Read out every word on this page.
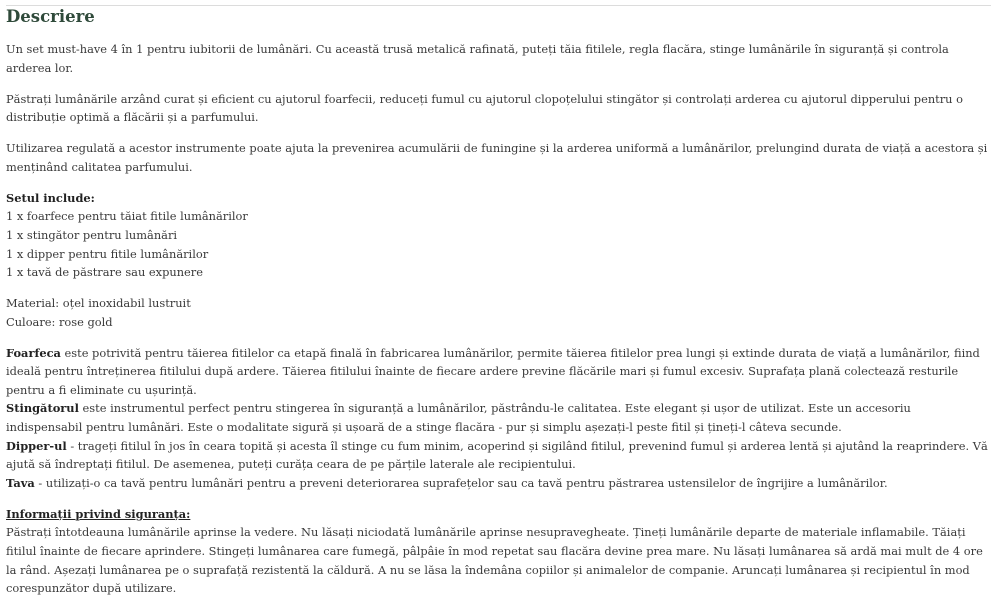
Descriere

Un set must-have 4 în 1 pentru iubitorii de lumânări. Cu această trusă metalică rafinată, puteți tăia fitilele, regla flacăra, stinge lumânările în siguranță și controla arderea lor.

Păstrați lumânările arzând curat și eficient cu ajutorul foarfecii, reduceți fumul cu ajutorul clopoțelului stingător și controlați arderea cu ajutorul dipperului pentru o distribuție optimă a flăcării și a parfumului.

Utilizarea regulată a acestor instrumente poate ajuta la prevenirea acumulării de funingine și la arderea uniformă a lumânărilor, prelungind durata de viață a acestora și menținând calitatea parfumului.

Setul include:
1 x foarfece pentru tăiat fitile lumânărilor
1 x stingător pentru lumânări
1 x dipper pentru fitile lumânărilor
1 x tavă de păstrare sau expunere

Material: oțel inoxidabil lustruit
Culoare: rose gold

Foarfeca este potrivită pentru tăierea fitilelor ca etapă finală în fabricarea lumânărilor, permite tăierea fitilelor prea lungi și extinde durata de viață a lumânărilor, fiind ideală pentru întreținerea fitilului după ardere. Tăierea fitilului înainte de fiecare ardere previne flăcările mari și fumul excesiv. Suprafața plană colectează resturile pentru a fi eliminate cu ușurință.
Stingătorul este instrumentul perfect pentru stingerea în siguranță a lumânărilor, păstrându-le calitatea. Este elegant și ușor de utilizat. Este un accesoriu indispensabil pentru lumânări. Este o modalitate sigură și ușoară de a stinge flacăra - pur și simplu așezați-l peste fitil și țineți-l câteva secunde.
Dipper-ul - trageți fitilul în jos în ceara topită și acesta îl stinge cu fum minim, acoperind și sigilând fitilul, prevenind fumul și arderea lentă și ajutând la reaprindere. Vă ajută să îndreptați fitilul. De asemenea, puteți curăța ceara de pe părțile laterale ale recipientului.
Tava - utilizați-o ca tavă pentru lumânări pentru a preveni deteriorarea suprafețelor sau ca tavă pentru păstrarea ustensilelor de îngrijire a lumânărilor.

Informații privind siguranța:
Păstrați întotdeauna lumânările aprinse la vedere. Nu lăsați niciodată lumânările aprinse nesupravegheate. Țineți lumânările departe de materiale inflamabile. Tăiați fitilul înainte de fiecare aprindere. Stingeți lumânarea care fumegă, pâlpâie în mod repetat sau flacăra devine prea mare. Nu lăsați lumânarea să ardă mai mult de 4 ore la rând. Așezați lumânarea pe o suprafață rezistentă la căldură. A nu se lăsa la îndemâna copiilor și animalelor de companie. Aruncați lumânarea și recipientul în mod corespunzător după utilizare.
